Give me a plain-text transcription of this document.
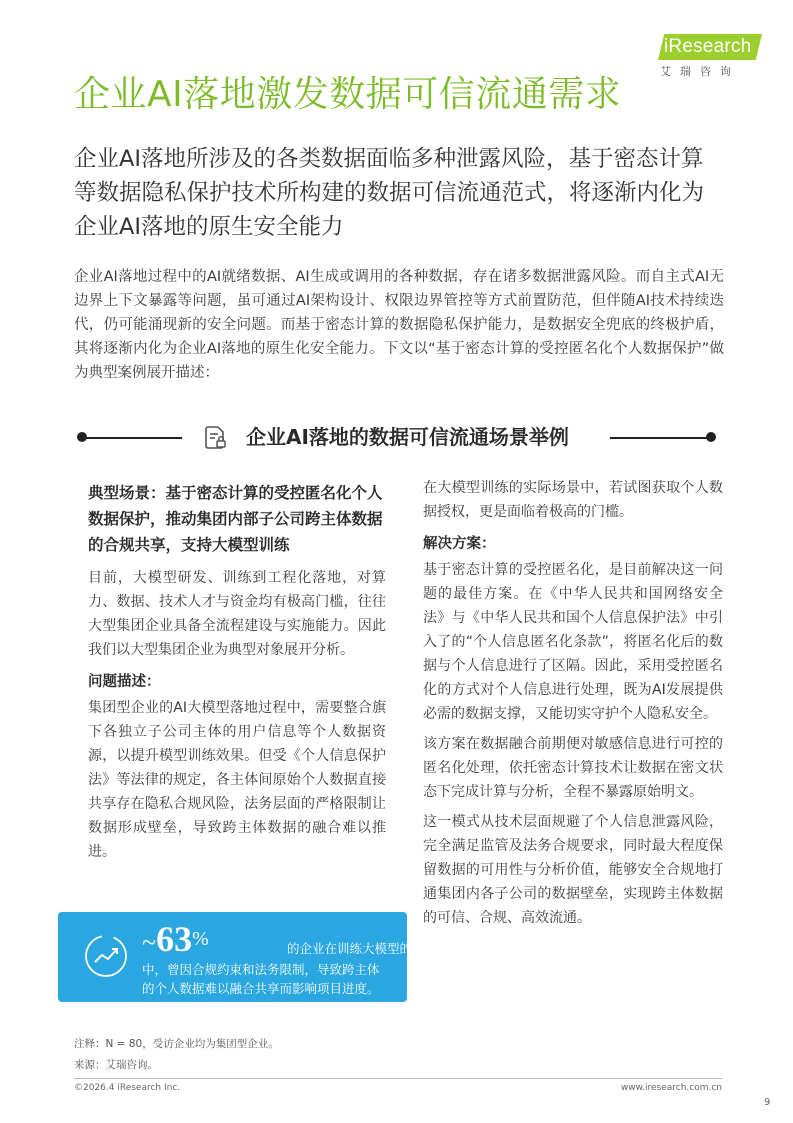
iResearch
艾瑞咨询
企业AI落地激发数据可信流通需求
企业AI落地所涉及的各类数据面临多种泄露风险，基于密态计算等数据隐私保护技术所构建的数据可信流通范式，将逐渐内化为企业AI落地的原生安全能力
企业AI落地过程中的AI就绪数据、AI生成或调用的各种数据，存在诸多数据泄露风险。而自主式AI无边界上下文暴露等问题，虽可通过AI架构设计、权限边界管控等方式前置防范，但伴随AI技术持续迭代，仍可能涌现新的安全问题。而基于密态计算的数据隐私保护能力，是数据安全兜底的终极护盾，其将逐渐内化为企业AI落地的原生化安全能力。下文以“基于密态计算的受控匿名化个人数据保护”做为典型案例展开描述：
企业AI落地的数据可信流通场景举例
典型场景：基于密态计算的受控匿名化个人数据保护，推动集团内部子公司跨主体数据的合规共享，支持大模型训练
目前，大模型研发、训练到工程化落地，对算力、数据、技术人才与资金均有极高门槛，往往大型集团企业具备全流程建设与实施能力。因此我们以大型集团企业为典型对象展开分析。
问题描述：
集团型企业的AI大模型落地过程中，需要整合旗下各独立子公司主体的用户信息等个人数据资源，以提升模型训练效果。但受《个人信息保护法》等法律的规定，各主体间原始个人数据直接共享存在隐私合规风险，法务层面的严格限制让数据形成壁垒，导致跨主体数据的融合难以推进。
在大模型训练的实际场景中，若试图获取个人数据授权，更是面临着极高的门槛。
解决方案：
基于密态计算的受控匿名化，是目前解决这一问题的最佳方案。在《中华人民共和国网络安全法》与《中华人民共和国个人信息保护法》中引入了的“个人信息匿名化条款”，将匿名化后的数据与个人信息进行了区隔。因此，采用受控匿名化的方式对个人信息进行处理，既为AI发展提供必需的数据支撑，又能切实守护个人隐私安全。
该方案在数据融合前期便对敏感信息进行可控的匿名化处理，依托密态计算技术让数据在密文状态下完成计算与分析，全程不暴露原始明文。
这一模式从技术层面规避了个人信息泄露风险，完全满足监管及法务合规要求，同时最大程度保留数据的可用性与分析价值，能够安全合规地打通集团内各子公司的数据壁垒，实现跨主体数据的可信、合规、高效流通。
~63%	的企业在训练大模型的过程
中，曾因合规约束和法务限制，导致跨主体
的个人数据难以融合共享而影响项目进度。
注释：N = 80，受访企业均为集团型企业。
来源：艾瑞咨询。
©2026.4 iResearch Inc.	www.iresearch.com.cn
9
